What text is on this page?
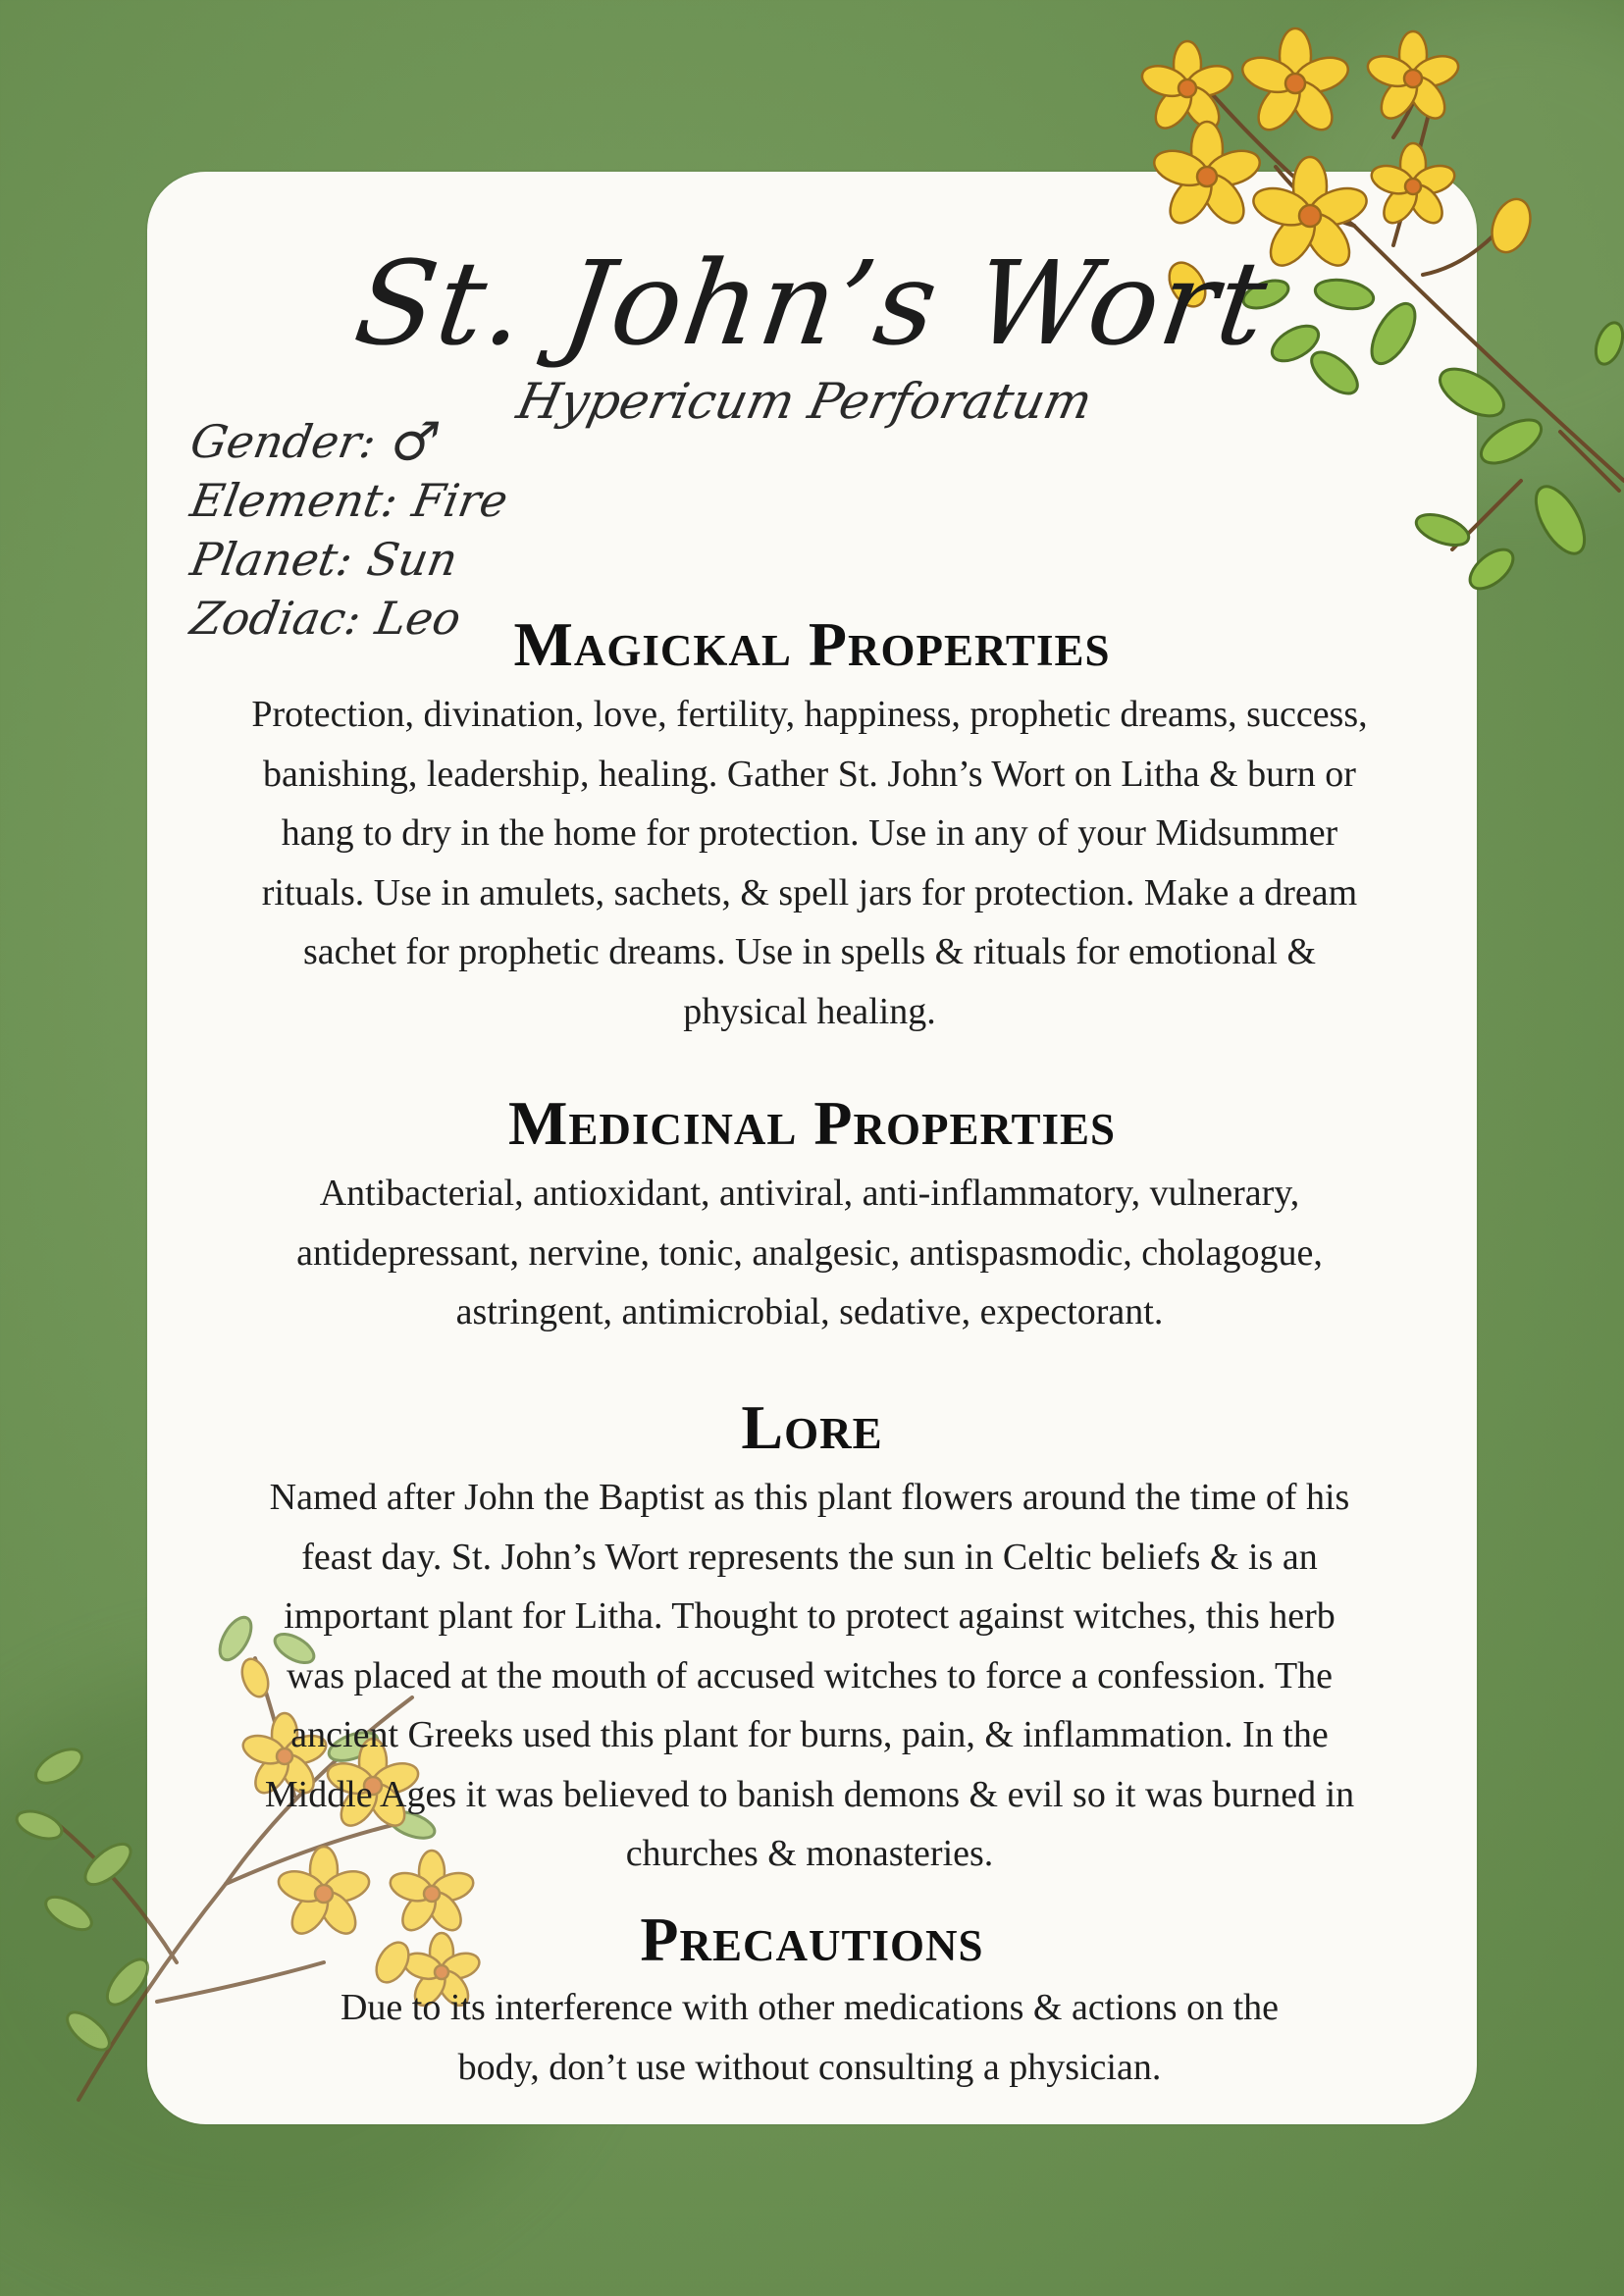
St. John’s Wort
Hypericum Perforatum
Gender: ♂
Element: Fire
Planet: Sun
Zodiac: Leo Magickal Properties
Protection, divination, love, fertility, happiness, prophetic dreams, success,
banishing, leadership, healing. Gather St. John’s Wort on Litha & burn or
hang to dry in the home for protection. Use in any of your Midsummer
rituals. Use in amulets, sachets, & spell jars for protection. Make a dream
sachet for prophetic dreams. Use in spells & rituals for emotional &
physical healing.
Medicinal Properties
Antibacterial, antioxidant, antiviral, anti-inflammatory, vulnerary,
antidepressant, nervine, tonic, analgesic, antispasmodic, cholagogue,
astringent, antimicrobial, sedative, expectorant.
Lore
Named after John the Baptist as this plant flowers around the time of his
feast day. St. John’s Wort represents the sun in Celtic beliefs & is an
important plant for Litha. Thought to protect against witches, this herb
was placed at the mouth of accused witches to force a confession. The
ancient Greeks used this plant for burns, pain, & inflammation. In the
Middle Ages it was believed to banish demons & evil so it was burned in
churches & monasteries.
Precautions
Due to its interference with other medications & actions on the
body, don’t use without consulting a physician.
